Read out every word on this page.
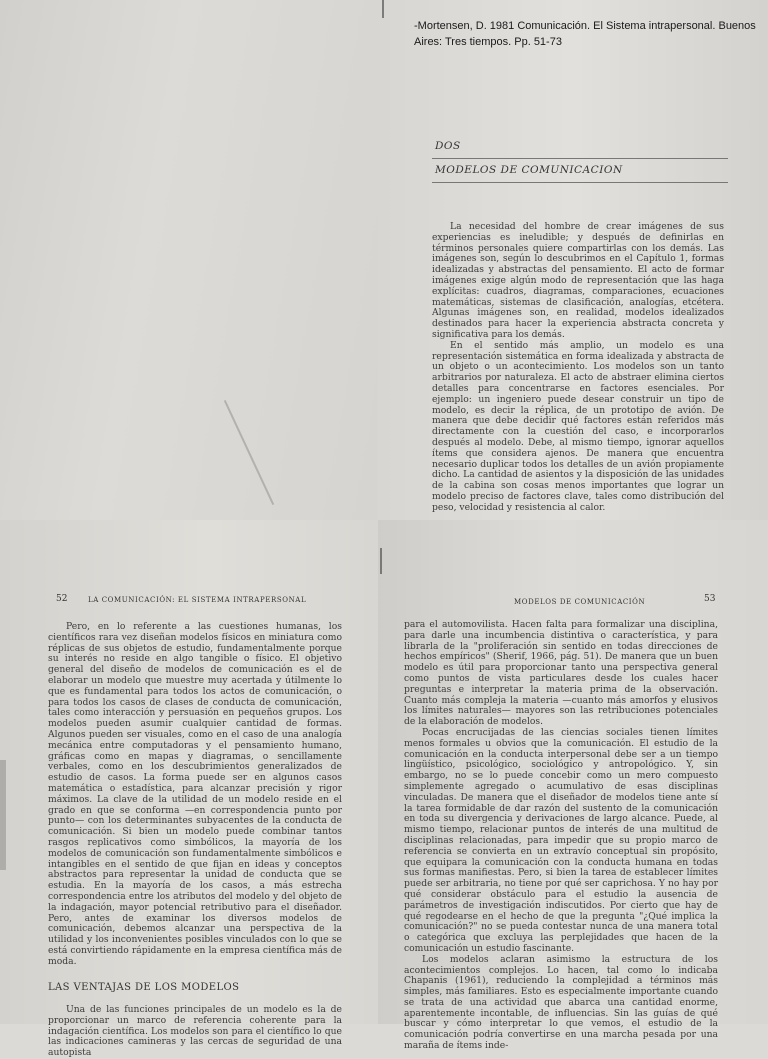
-Mortensen, D. 1981 Comunicación. El Sistema intrapersonal. Buenos Aires: Tres tiempos. Pp. 51-73
DOS
MODELOS DE COMUNICACION

La necesidad del hombre de crear imágenes de sus experiencias es ineludible; y después de definirlas en términos personales quiere compartirlas con los demás. Las imágenes son, según lo descubrimos en el Capítulo 1, formas idealizadas y abstractas del pensamiento. El acto de formar imágenes exige algún modo de representación que las haga explícitas: cuadros, diagramas, comparaciones, ecuaciones matemáticas, sistemas de clasificación, analogías, etcétera. Algunas imágenes son, en realidad, modelos idealizados destinados para hacer la experiencia abstracta concreta y significativa para los demás.

En el sentido más amplio, un modelo es una representación sistemática en forma idealizada y abstracta de un objeto o un acontecimiento. Los modelos son un tanto arbitrarios por naturaleza. El acto de abstraer elimina ciertos detalles para concentrarse en factores esenciales. Por ejemplo: un ingeniero puede desear construir un tipo de modelo, es decir la réplica, de un prototipo de avión. De manera que debe decidir qué factores están referidos más directamente con la cuestión del caso, e incorporarlos después al modelo. Debe, al mismo tiempo, ignorar aquellos ítems que considera ajenos. De manera que encuentra necesario duplicar todos los detalles de un avión propiamente dicho. La cantidad de asientos y la disposición de las unidades de la cabina son cosas menos importantes que lograr un modelo preciso de factores clave, tales como distribución del peso, velocidad y resistencia al calor.

52	LA COMUNICACIÓN: EL SISTEMA INTRAPERSONAL

Pero, en lo referente a las cuestiones humanas, los científicos rara vez diseñan modelos físicos en miniatura como réplicas de sus objetos de estudio, fundamentalmente porque su interés no reside en algo tangible o físico. El objetivo general del diseño de modelos de comunicación es el de elaborar un modelo que muestre muy acertada y útilmente lo que es fundamental para todos los actos de comunicación, o para todos los casos de clases de conducta de comunicación, tales como interacción y persuasión en pequeños grupos. Los modelos pueden asumir cualquier cantidad de formas. Algunos pueden ser visuales, como en el caso de una analogía mecánica entre computadoras y el pensamiento humano, gráficas como en mapas y diagramas, o sencillamente verbales, como en los descubrimientos generalizados de estudio de casos. La forma puede ser en algunos casos matemática o estadística, para alcanzar precisión y rigor máximos. La clave de la utilidad de un modelo reside en el grado en que se conforma —en correspondencia punto por punto— con los determinantes subyacentes de la conducta de comunicación. Si bien un modelo puede combinar tantos rasgos replicativos como simbólicos, la mayoría de los modelos de comunicación son fundamentalmente simbólicos e intangibles en el sentido de que fijan en ideas y conceptos abstractos para representar la unidad de conducta que se estudia. En la mayoría de los casos, a más estrecha correspondencia entre los atributos del modelo y del objeto de la indagación, mayor potencial retributivo para el diseñador. Pero, antes de examinar los diversos modelos de comunicación, debemos alcanzar una perspectiva de la utilidad y los inconvenientes posibles vinculados con lo que se está convirtiendo rápidamente en la empresa científica más de moda.

LAS VENTAJAS DE LOS MODELOS

Una de las funciones principales de un modelo es la de proporcionar un marco de referencia coherente para la indagación científica. Los modelos son para el científico lo que las indicaciones camineras y las cercas de seguridad de una autopista

MODELOS DE COMUNICACIÓN	53

para el automovilista. Hacen falta para formalizar una disciplina, para darle una incumbencia distintiva o característica, y para librarla de la "proliferación sin sentido en todas direcciones de hechos empíricos" (Sherif, 1966, pág. 51). De manera que un buen modelo es útil para proporcionar tanto una perspectiva general como puntos de vista particulares desde los cuales hacer preguntas e interpretar la materia prima de la observación. Cuanto más compleja la materia —cuanto más amorfos y elusivos los límites naturales— mayores son las retribuciones potenciales de la elaboración de modelos.

Pocas encrucijadas de las ciencias sociales tienen límites menos formales u obvios que la comunicación. El estudio de la comunicación en la conducta interpersonal debe ser a un tiempo lingüístico, psicológico, sociológico y antropológico. Y, sin embargo, no se lo puede concebir como un mero compuesto simplemente agregado o acumulativo de esas disciplinas vinculadas. De manera que el diseñador de modelos tiene ante sí la tarea formidable de dar razón del sustento de la comunicación en toda su divergencia y derivaciones de largo alcance. Puede, al mismo tiempo, relacionar puntos de interés de una multitud de disciplinas relacionadas, para impedir que su propio marco de referencia se convierta en un extravío conceptual sin propósito, que equipara la comunicación con la conducta humana en todas sus formas manifiestas. Pero, si bien la tarea de establecer límites puede ser arbitraria, no tiene por qué ser caprichosa. Y no hay por qué considerar obstáculo para el estudio la ausencia de parámetros de investigación indiscutidos. Por cierto que hay de qué regodearse en el hecho de que la pregunta "¿Qué implica la comunicación?" no se pueda contestar nunca de una manera total o categórica que excluya las perplejidades que hacen de la comunicación un estudio fascinante.

Los modelos aclaran asimismo la estructura de los acontecimientos complejos. Lo hacen, tal como lo indicaba Chapanis (1961), reduciendo la complejidad a términos más simples, más familiares. Esto es especialmente importante cuando se trata de una actividad que abarca una cantidad enorme, aparentemente incontable, de influencias. Sin las guías de qué buscar y cómo interpretar lo que vemos, el estudio de la comunicación podría convertirse en una marcha pesada por una maraña de ítems inde-
